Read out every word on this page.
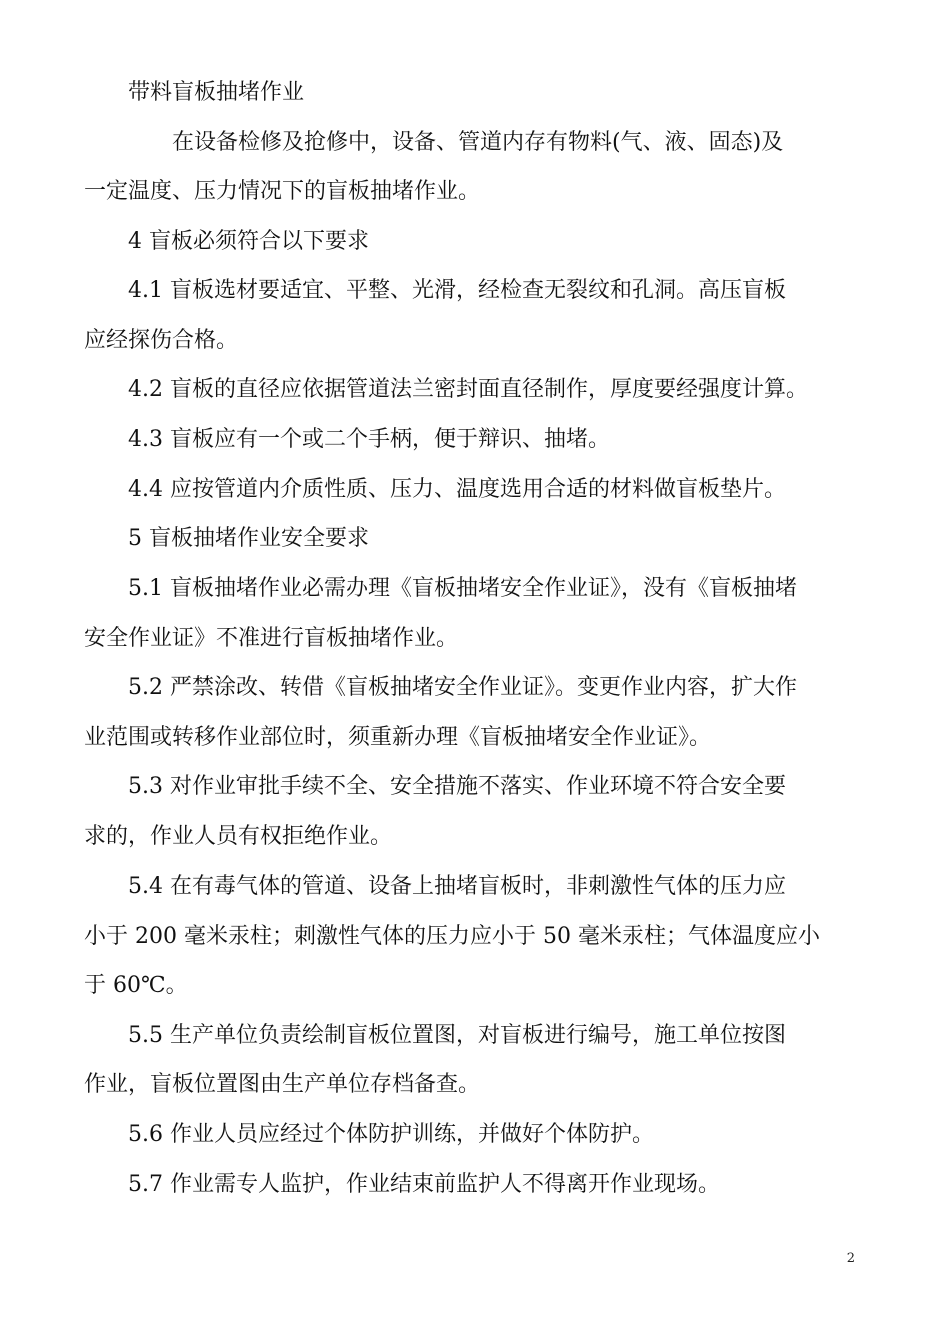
带料盲板抽堵作业
在设备检修及抢修中，设备、管道内存有物料(气、液、固态)及
一定温度、压力情况下的盲板抽堵作业。
4 盲板必须符合以下要求
4.1 盲板选材要适宜、平整、光滑，经检查无裂纹和孔洞。高压盲板
应经探伤合格。
4.2 盲板的直径应依据管道法兰密封面直径制作，厚度要经强度计算。
4.3 盲板应有一个或二个手柄，便于辩识、抽堵。
4.4 应按管道内介质性质、压力、温度选用合适的材料做盲板垫片。
5 盲板抽堵作业安全要求
5.1 盲板抽堵作业必需办理《盲板抽堵安全作业证》，没有《盲板抽堵
安全作业证》不准进行盲板抽堵作业。
5.2 严禁涂改、转借《盲板抽堵安全作业证》。变更作业内容，扩大作
业范围或转移作业部位时，须重新办理《盲板抽堵安全作业证》。
5.3 对作业审批手续不全、安全措施不落实、作业环境不符合安全要
求的，作业人员有权拒绝作业。
5.4 在有毒气体的管道、设备上抽堵盲板时，非刺激性气体的压力应
小于 200 毫米汞柱；刺激性气体的压力应小于 50 毫米汞柱；气体温度应小
于 60℃。
5.5 生产单位负责绘制盲板位置图，对盲板进行编号，施工单位按图
作业，盲板位置图由生产单位存档备查。
5.6 作业人员应经过个体防护训练，并做好个体防护。
5.7 作业需专人监护，作业结束前监护人不得离开作业现场。
2
